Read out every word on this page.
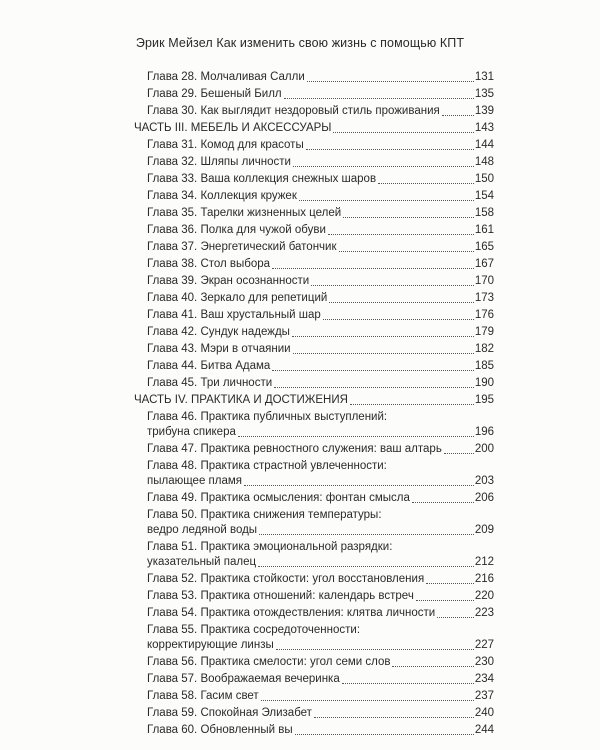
Эрик Мейзел Как изменить свою жизнь с помощью КПТ
Глава 28. Молчаливая Салли	131
Глава 29. Бешеный Билл	135
Глава 30. Как выглядит нездоровый стиль проживания	139
ЧАСТЬ III. МЕБЕЛЬ И АКСЕССУАРЫ	143
Глава 31. Комод для красоты	144
Глава 32. Шляпы личности	148
Глава 33. Ваша коллекция снежных шаров	150
Глава 34. Коллекция кружек	154
Глава 35. Тарелки жизненных целей	158
Глава 36. Полка для чужой обуви	161
Глава 37. Энергетический батончик	165
Глава 38. Стол выбора	167
Глава 39. Экран осознанности	170
Глава 40. Зеркало для репетиций	173
Глава 41. Ваш хрустальный шар	176
Глава 42. Сундук надежды	179
Глава 43. Мэри в отчаянии	182
Глава 44. Битва Адама	185
Глава 45. Три личности	190
ЧАСТЬ IV. ПРАКТИКА И ДОСТИЖЕНИЯ	195
Глава 46. Практика публичных выступлений:
трибуна спикера	196
Глава 47. Практика ревностного служения: ваш алтарь	200
Глава 48. Практика страстной увлеченности:
пылающее пламя	203
Глава 49. Практика осмысления: фонтан смысла	206
Глава 50. Практика снижения температуры:
ведро ледяной воды	209
Глава 51. Практика эмоциональной разрядки:
указательный палец	212
Глава 52. Практика стойкости: угол восстановления	216
Глава 53. Практика отношений: календарь встреч	220
Глава 54. Практика отождествления: клятва личности	223
Глава 55. Практика сосредоточенности:
корректирующие линзы	227
Глава 56. Практика смелости: угол семи слов	230
Глава 57. Воображаемая вечеринка	234
Глава 58. Гасим свет	237
Глава 59. Спокойная Элизабет	240
Глава 60. Обновленный вы	244
